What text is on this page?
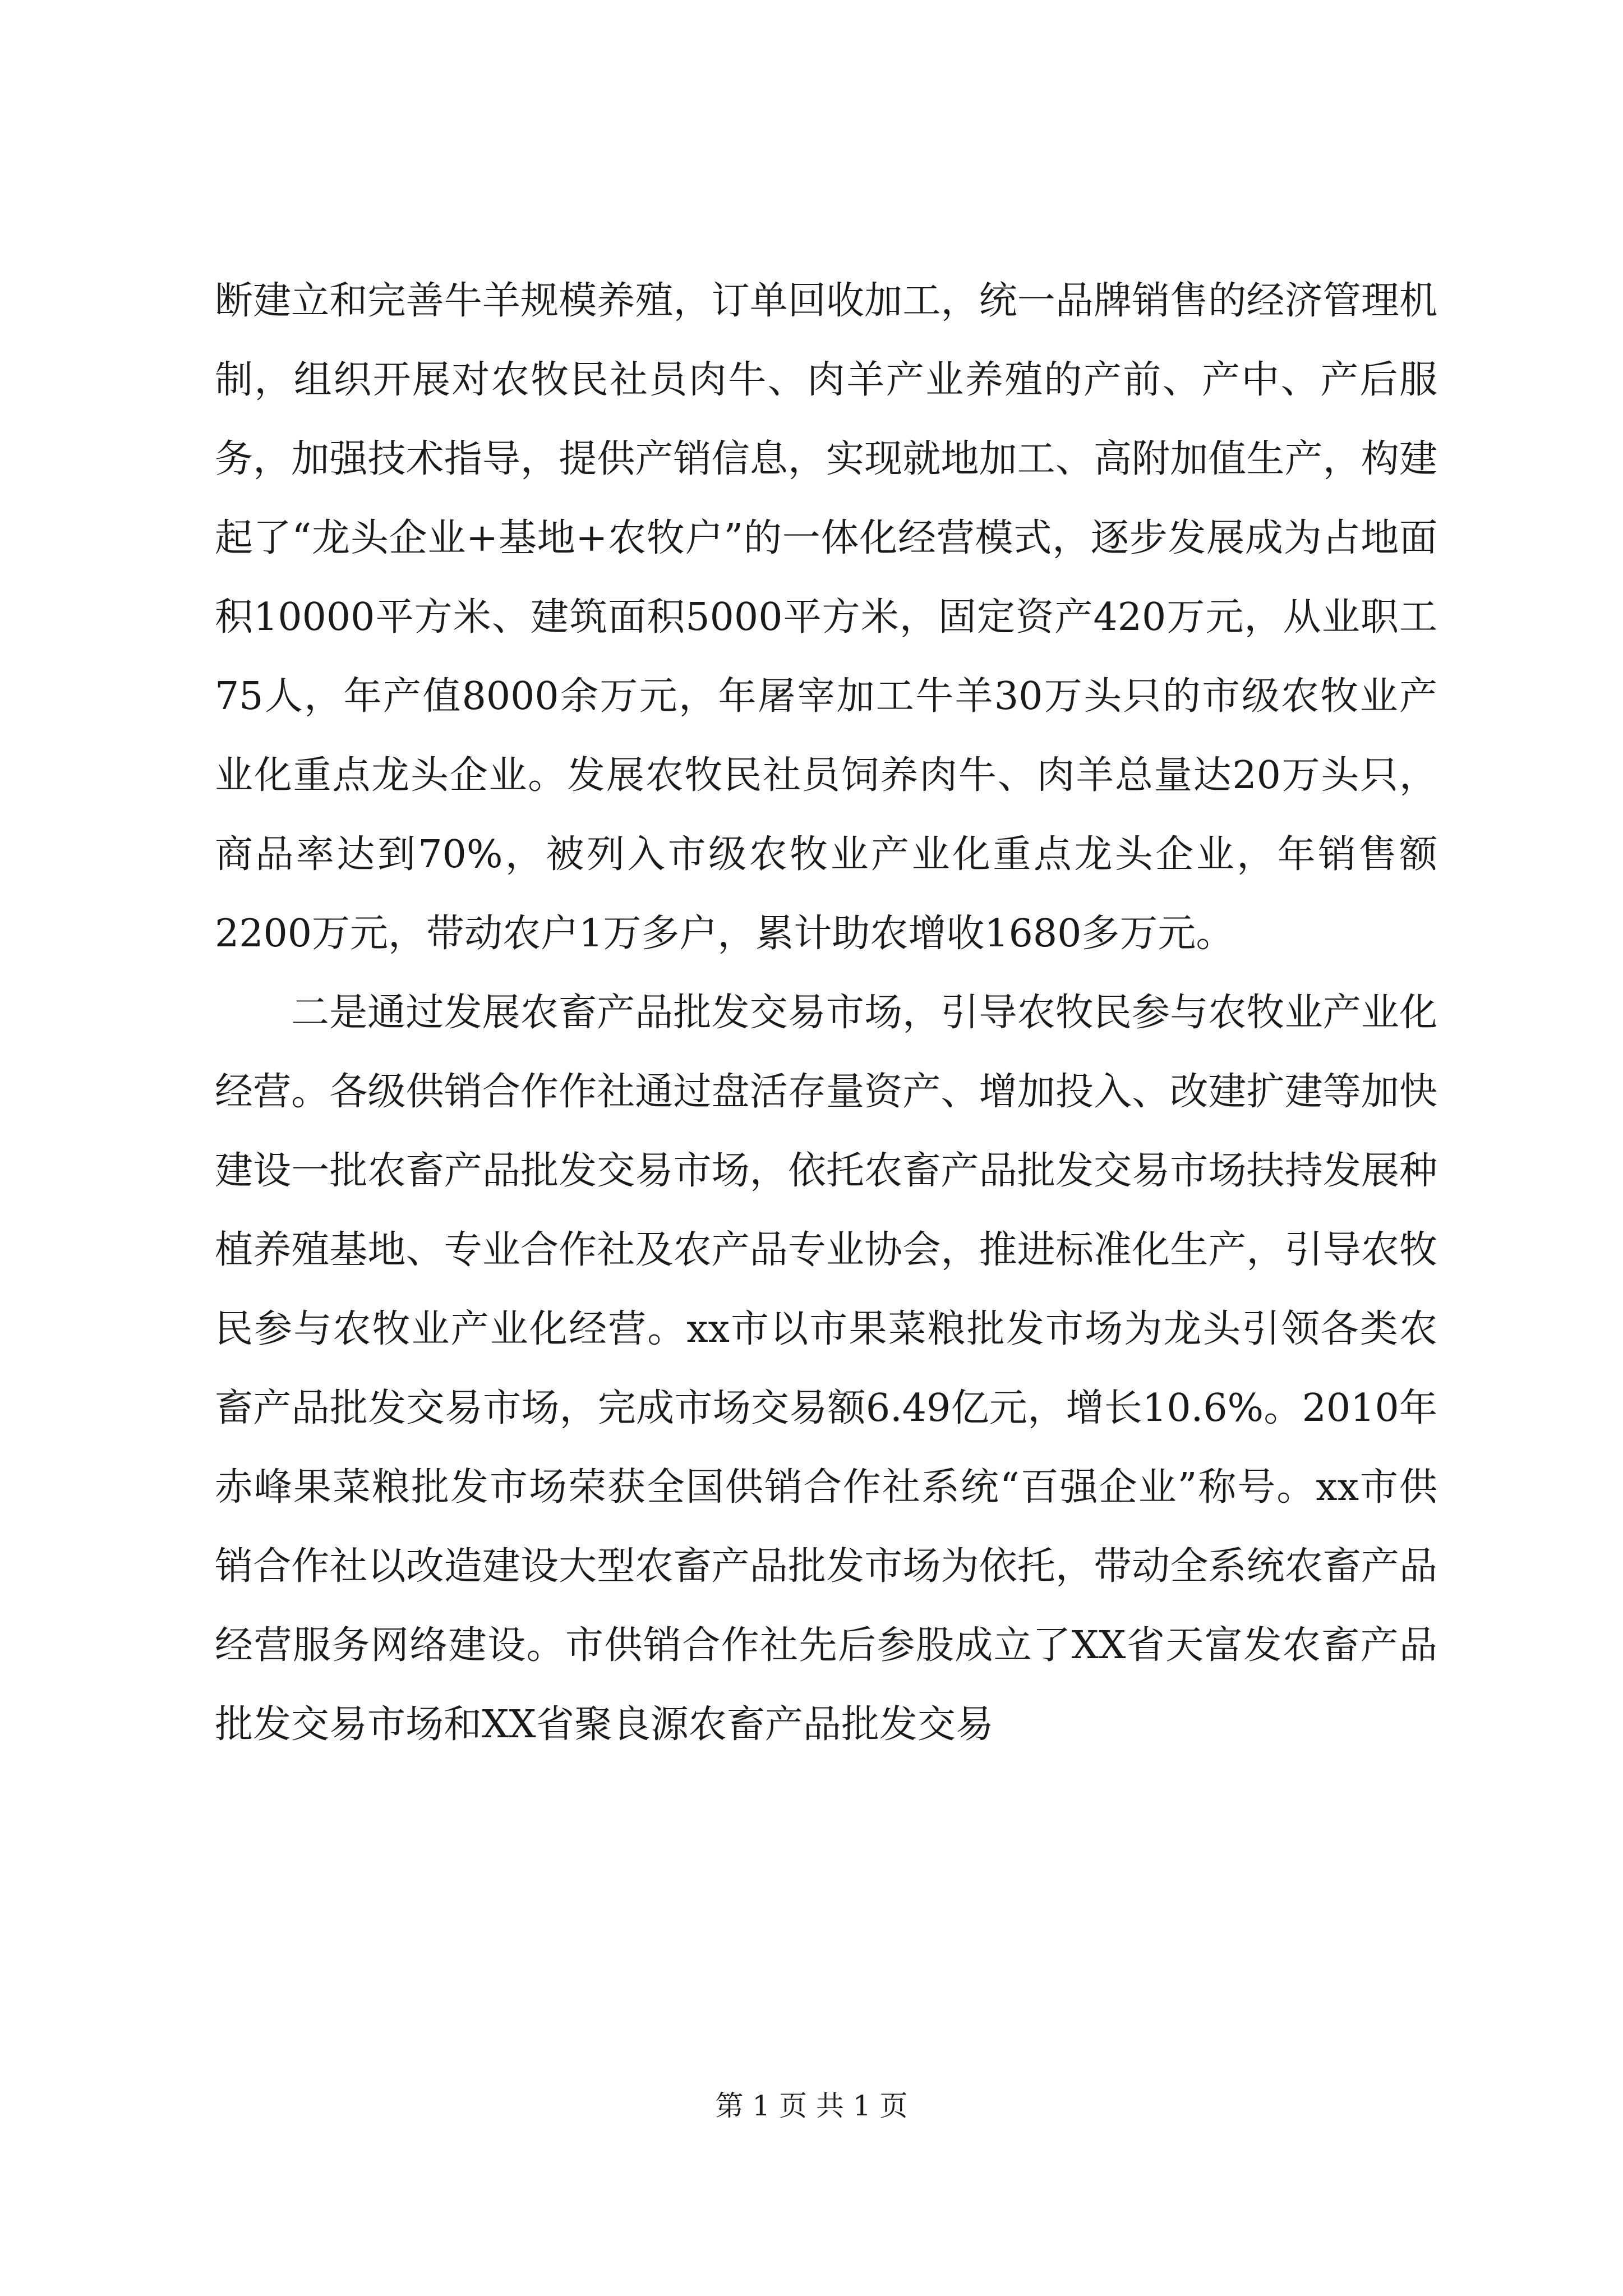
断建立和完善牛羊规模养殖，订单回收加工，统一品牌销售的经济管理机制，组织开展对农牧民社员肉牛、肉羊产业养殖的产前、产中、产后服务，加强技术指导，提供产销信息，实现就地加工、高附加值生产，构建起了“龙头企业+基地+农牧户”的一体化经营模式，逐步发展成为占地面积10000平方米、建筑面积5000平方米，固定资产420万元，从业职工75人，年产值8000余万元，年屠宰加工牛羊30万头只的市级农牧业产业化重点龙头企业。发展农牧民社员饲养肉牛、肉羊总量达20万头只，商品率达到70%，被列入市级农牧业产业化重点龙头企业，年销售额2200万元，带动农户1万多户，累计助农增收1680多万元。

二是通过发展农畜产品批发交易市场，引导农牧民参与农牧业产业化经营。各级供销合作作社通过盘活存量资产、增加投入、改建扩建等加快建设一批农畜产品批发交易市场，依托农畜产品批发交易市场扶持发展种植养殖基地、专业合作社及农产品专业协会，推进标准化生产，引导农牧民参与农牧业产业化经营。xx市以市果菜粮批发市场为龙头引领各类农畜产品批发交易市场，完成市场交易额6.49亿元，增长10.6%。2010年赤峰果菜粮批发市场荣获全国供销合作社系统“百强企业”称号。xx市供销合作社以改造建设大型农畜产品批发市场为依托，带动全系统农畜产品经营服务网络建设。市供销合作社先后参股成立了XX省天富发农畜产品批发交易市场和XX省聚良源农畜产品批发交易

第 1 页 共 1 页
